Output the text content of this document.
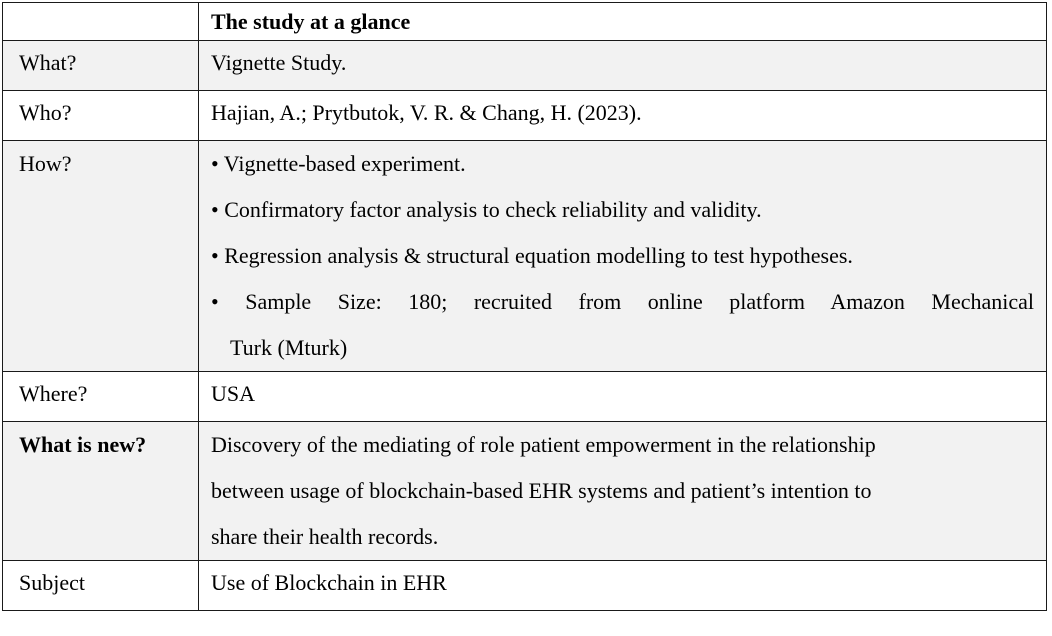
The study at a glance
What?	Vignette Study.
Who?	Hajian, A.; Prytbutok, V. R. & Chang, H. (2023).
How?	• Vignette-based experiment.
• Confirmatory factor analysis to check reliability and validity.
• Regression analysis & structural equation modelling to test hypotheses.
• Sample Size: 180; recruited from online platform Amazon Mechanical
Turk (Mturk)
Where?	USA
What is new?	Discovery of the mediating of role patient empowerment in the relationship
between usage of blockchain-based EHR systems and patient’s intention to
share their health records.
Subject	Use of Blockchain in EHR
